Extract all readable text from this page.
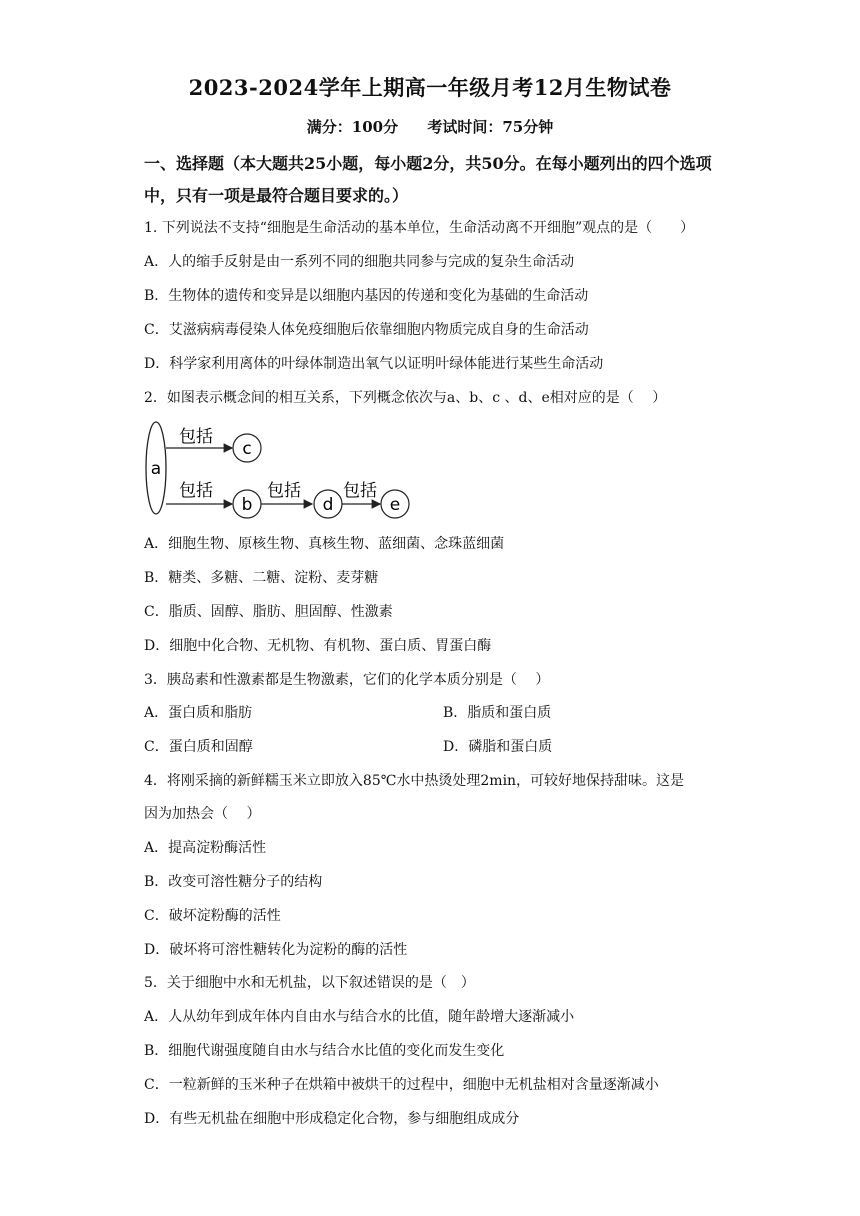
2023-2024学年上期高一年级月考12月生物试卷
满分：100分 考试时间：75分钟
一、选择题（本大题共25小题，每小题2分，共50分。在每小题列出的四个选项中，只有一项是最符合题目要求的。）
1. 下列说法不支持“细胞是生命活动的基本单位，生命活动离不开细胞”观点的是（　　）
A．人的缩手反射是由一系列不同的细胞共同参与完成的复杂生命活动
B．生物体的遗传和变异是以细胞内基因的传递和变化为基础的生命活动
C．艾滋病病毒侵染人体免疫细胞后依靠细胞内物质完成自身的生命活动
D．科学家利用离体的叶绿体制造出氧气以证明叶绿体能进行某些生命活动
2．如图表示概念间的相互关系，下列概念依次与a、b、c 、d、e相对应的是（　 ）
a
包括
c
包括
b
包括
d
包括
e
A．细胞生物、原核生物、真核生物、蓝细菌、念珠蓝细菌
B．糖类、多糖、二糖、淀粉、麦芽糖
C．脂质、固醇、脂肪、胆固醇、性激素
D．细胞中化合物、无机物、有机物、蛋白质、胃蛋白酶
3．胰岛素和性激素都是生物激素，它们的化学本质分别是（　 ）
A．蛋白质和脂肪	B．脂质和蛋白质
C．蛋白质和固醇	D．磷脂和蛋白质
4．将刚采摘的新鲜糯玉米立即放入85℃水中热烫处理2min，可较好地保持甜味。这是
因为加热会（　 ）
A．提高淀粉酶活性
B．改变可溶性糖分子的结构
C．破坏淀粉酶的活性
D．破坏将可溶性糖转化为淀粉的酶的活性
5．关于细胞中水和无机盐，以下叙述错误的是（　）
A．人从幼年到成年体内自由水与结合水的比值，随年龄增大逐渐减小
B．细胞代谢强度随自由水与结合水比值的变化而发生变化
C．一粒新鲜的玉米种子在烘箱中被烘干的过程中，细胞中无机盐相对含量逐渐减小
D．有些无机盐在细胞中形成稳定化合物，参与细胞组成成分
